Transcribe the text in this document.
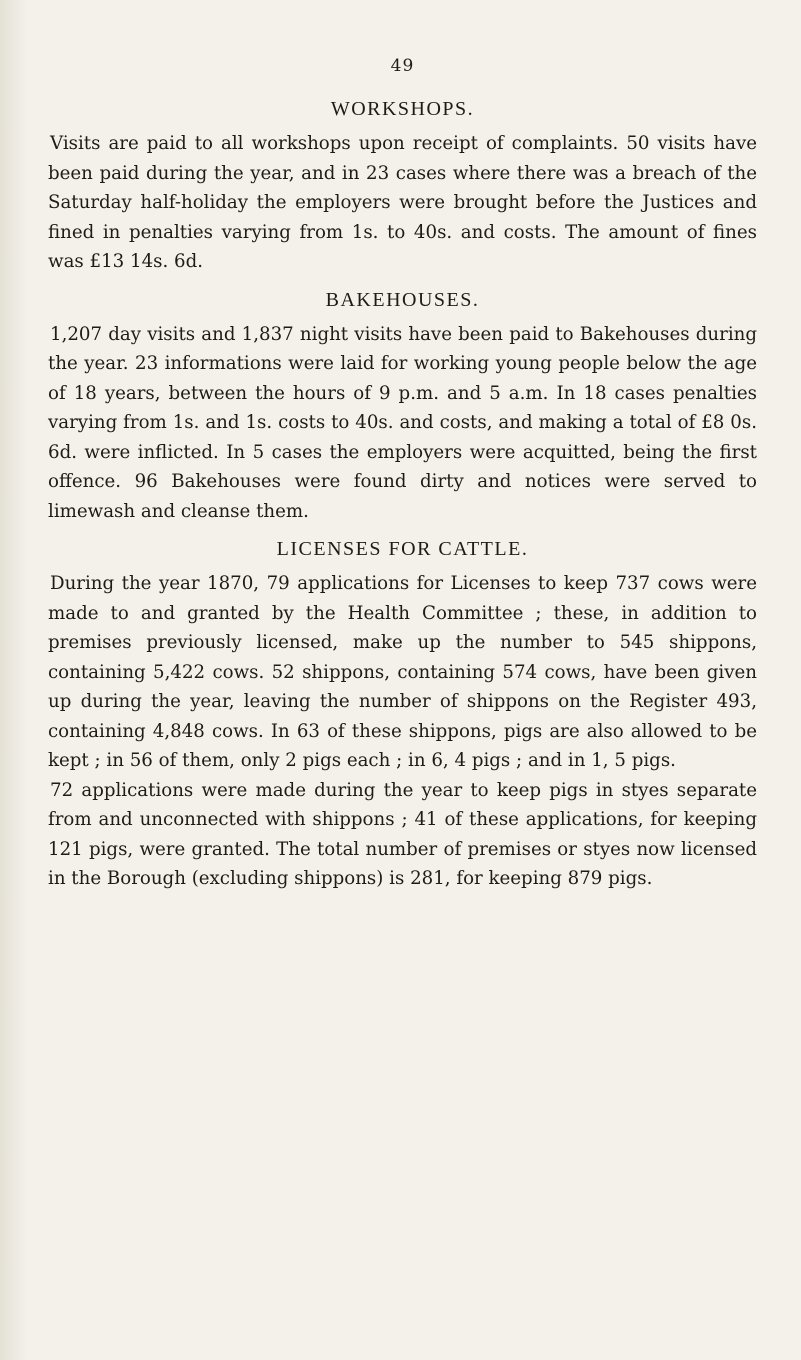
49
WORKSHOPS.

Visits are paid to all workshops upon receipt of complaints. 50 visits have been paid during the year, and in 23 cases where there was a breach of the Saturday half-holiday the employers were brought before the Justices and fined in penalties varying from 1s. to 40s. and costs. The amount of fines was £13 14s. 6d.

BAKEHOUSES.

1,207 day visits and 1,837 night visits have been paid to Bakehouses during the year. 23 informations were laid for working young people below the age of 18 years, between the hours of 9 p.m. and 5 a.m. In 18 cases penalties varying from 1s. and 1s. costs to 40s. and costs, and making a total of £8 0s. 6d. were inflicted. In 5 cases the employers were acquitted, being the first offence. 96 Bakehouses were found dirty and notices were served to limewash and cleanse them.

LICENSES FOR CATTLE.

During the year 1870, 79 applications for Licenses to keep 737 cows were made to and granted by the Health Committee ; these, in addition to premises previously licensed, make up the number to 545 shippons, containing 5,422 cows. 52 shippons, containing 574 cows, have been given up during the year, leaving the number of shippons on the Register 493, containing 4,848 cows. In 63 of these shippons, pigs are also allowed to be kept ; in 56 of them, only 2 pigs each ; in 6, 4 pigs ; and in 1, 5 pigs.

72 applications were made during the year to keep pigs in styes separate from and unconnected with shippons ; 41 of these applications, for keeping 121 pigs, were granted. The total number of premises or styes now licensed in the Borough (excluding shippons) is 281, for keeping 879 pigs.
